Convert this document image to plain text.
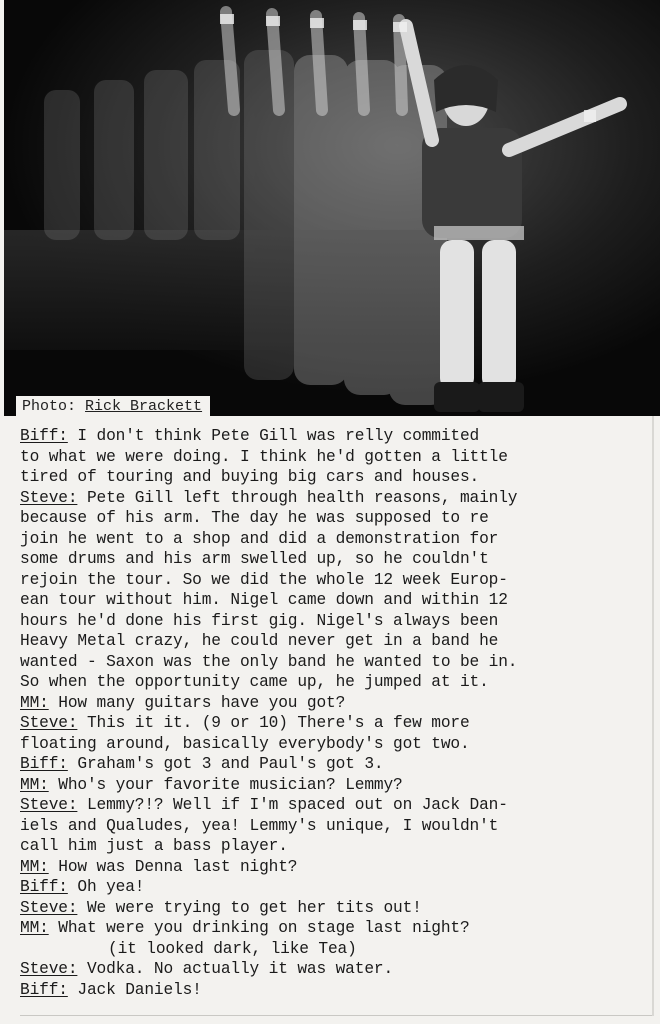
Photo: Rick Brackett
Biff: I don't think Pete Gill was relly commited
to what we were doing. I think he'd gotten a little
tired of touring and buying big cars and houses.
Steve: Pete Gill left through health reasons, mainly
because of his arm. The day he was supposed to re
join he went to a shop and did a demonstration for
some drums and his arm swelled up, so he couldn't
rejoin the tour. So we did the whole 12 week Europ-
ean tour without him. Nigel came down and within 12
hours he'd done his first gig. Nigel's always been
Heavy Metal crazy, he could never get in a band he
wanted - Saxon was the only band he wanted to be in.
So when the opportunity came up, he jumped at it.
MM: How many guitars have you got?
Steve: This it it. (9 or 10) There's a few more
floating around, basically everybody's got two.
Biff: Graham's got 3 and Paul's got 3.
MM: Who's your favorite musician? Lemmy?
Steve: Lemmy?!? Well if I'm spaced out on Jack Dan-
iels and Qualudes, yea! Lemmy's unique, I wouldn't
call him just a bass player.
MM: How was Denna last night?
Biff: Oh yea!
Steve: We were trying to get her tits out!
MM: What were you drinking on stage last night?
(it looked dark, like Tea)
Steve: Vodka. No actually it was water.
Biff: Jack Daniels!
